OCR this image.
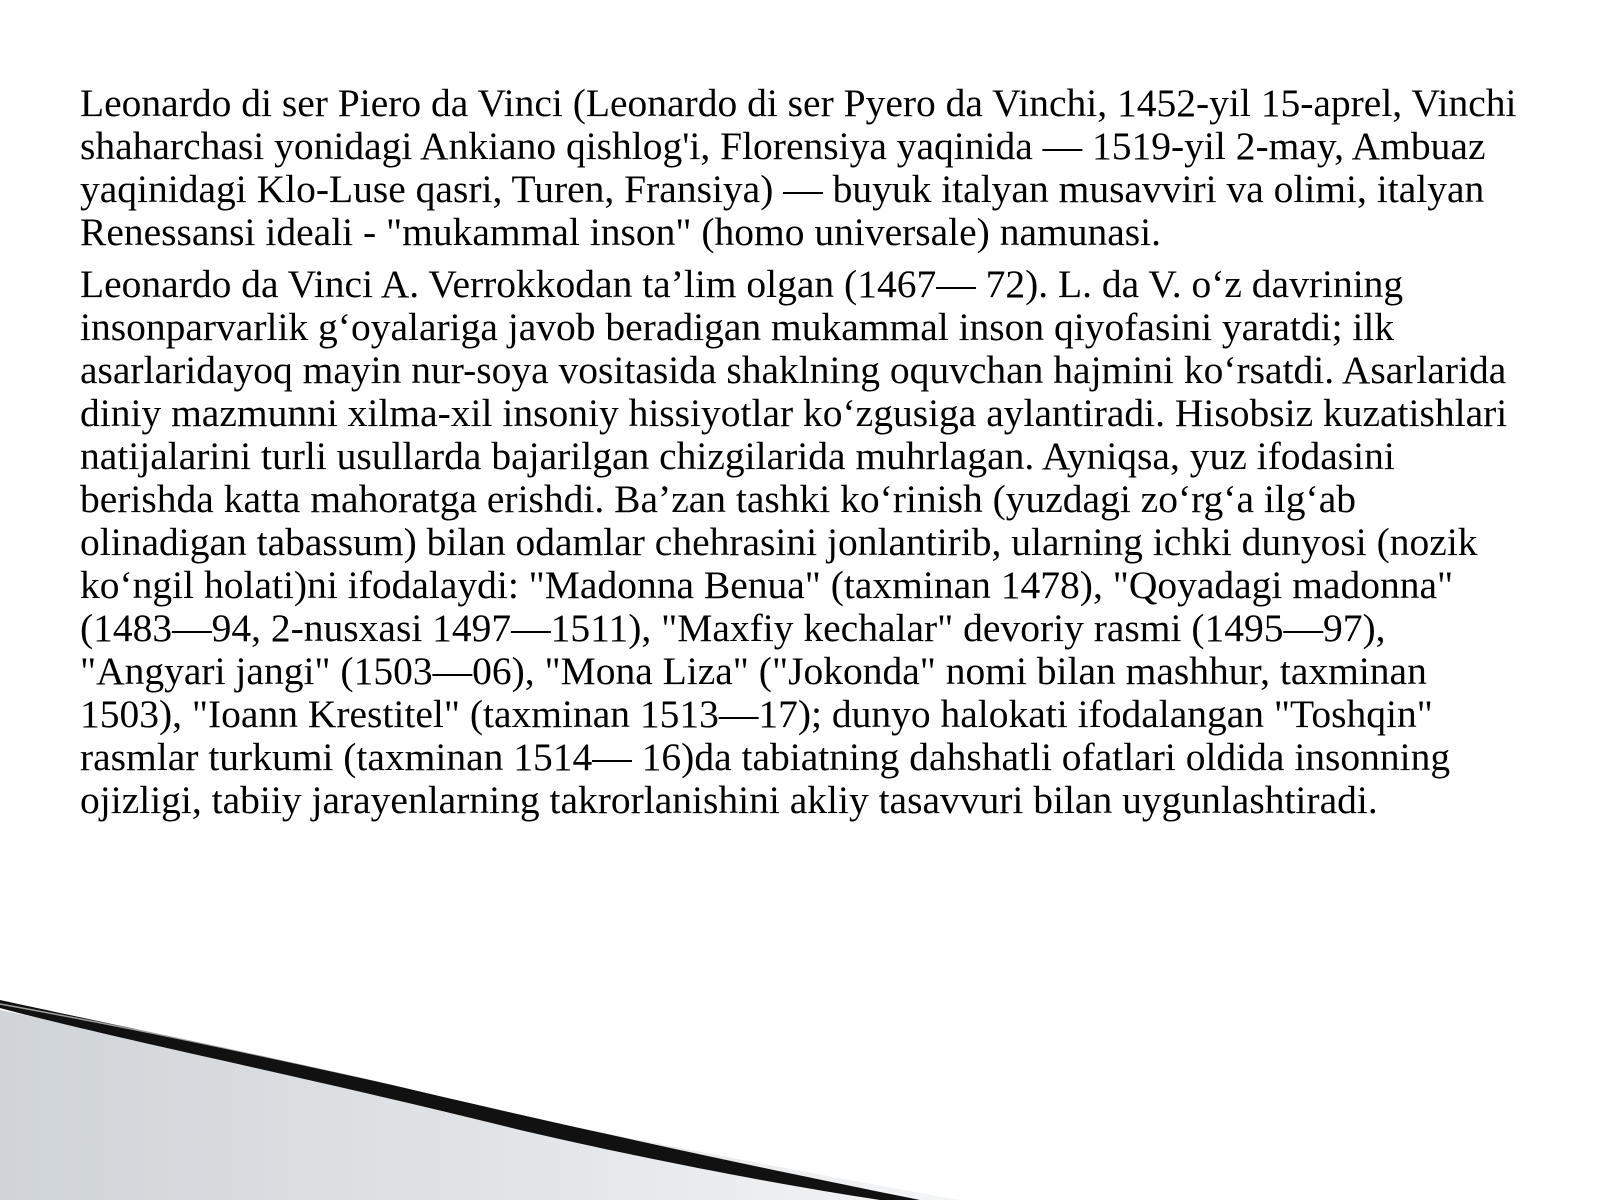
Leonardo di ser Piero da Vinci (Leonardo di ser Pyero da Vinchi, 1452-yil 15-aprel, Vinchi shaharchasi yonidagi Ankiano qishlog'i, Florensiya yaqinida — 1519-yil 2-may, Ambuaz yaqinidagi Klo-Luse qasri, Turen, Fransiya) — buyuk italyan musavviri va olimi, italyan Renessansi ideali - "mukammal inson" (homo universale) namunasi.

Leonardo da Vinci A. Verrokkodan ta’lim olgan (1467— 72). L. da V. o‘z davrining insonparvarlik g‘oyalariga javob beradigan mukammal inson qiyofasini yaratdi; ilk asarlaridayoq mayin nur-soya vositasida shaklning oquvchan hajmini ko‘rsatdi. Asarlarida diniy mazmunni xilma-xil insoniy hissiyotlar ko‘zgusiga aylantiradi. Hisobsiz kuzatishlari natijalarini turli usullarda bajarilgan chizgilarida muhrlagan. Ayniqsa, yuz ifodasini berishda katta mahoratga erishdi. Ba’zan tashki ko‘rinish (yuzdagi zo‘rg‘a ilg‘ab olinadigan tabassum) bilan odamlar chehrasini jonlantirib, ularning ichki dunyosi (nozik ko‘ngil holati)ni ifodalaydi: "Madonna Benua" (taxminan 1478), "Qoyadagi madonna" (1483—94, 2-nusxasi 1497—1511), "Maxfiy kechalar" devoriy rasmi (1495—97), "Angyari jangi" (1503—06), "Mona Liza" ("Jokonda" nomi bilan mashhur, taxminan 1503), "Ioann Krestitel" (taxminan 1513—17); dunyo halokati ifodalangan "Toshqin" rasmlar turkumi (taxminan 1514— 16)da tabiatning dahshatli ofatlari oldida insonning ojizligi, tabiiy jarayenlarning takrorlanishini akliy tasavvuri bilan uygunlashtiradi.
